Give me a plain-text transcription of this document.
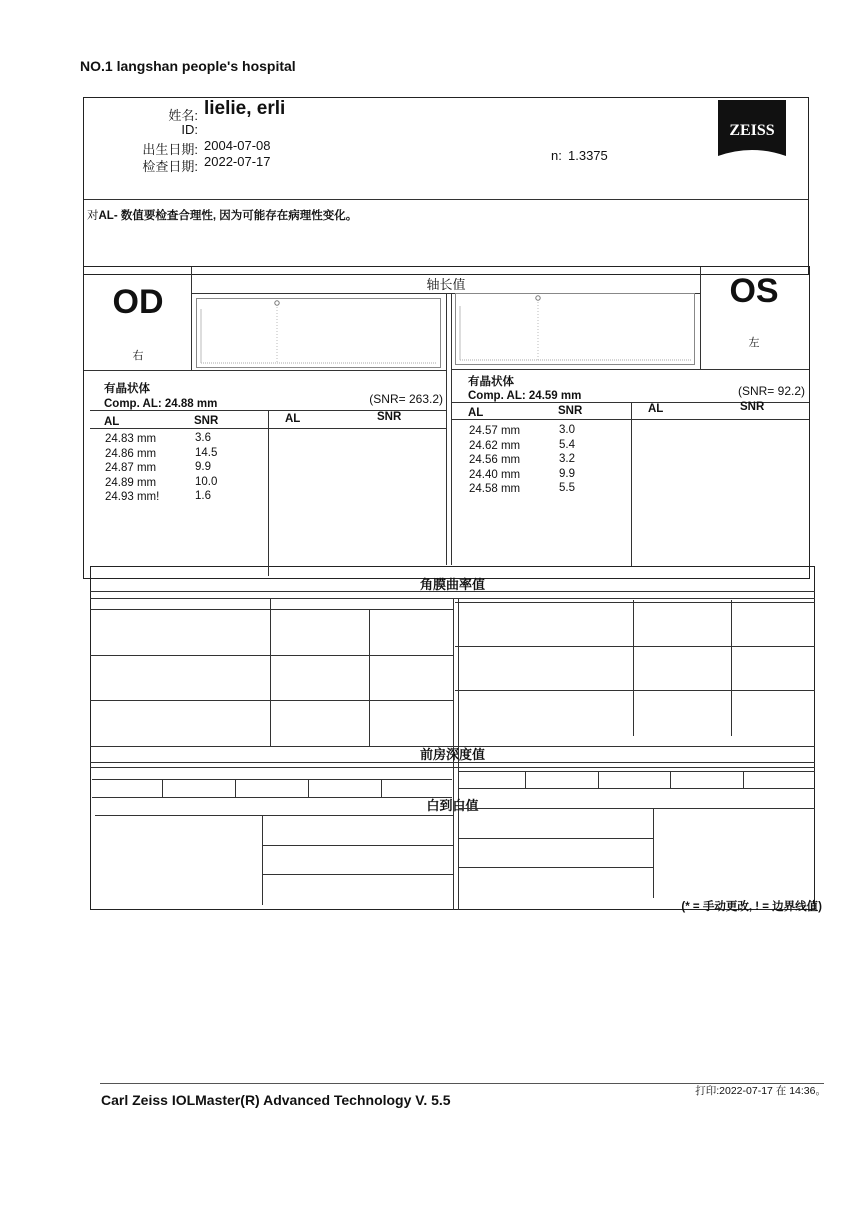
NO.1 langshan people's hospital
姓名: lielie, erli
ID:
出生日期: 2004-07-08
检查日期: 2022-07-17	n: 1.3375
ZEISS
对AL- 数值要检查合理性, 因为可能存在病理性变化。
轴长值
OD
右
OS
左
有晶状体
Comp. AL: 24.88 mm	(SNR= 263.2)
AL	SNR	AL	SNR
24.83 mm	3.6
24.86 mm	14.5
24.87 mm	9.9
24.89 mm	10.0
24.93 mm!	1.6
有晶状体
Comp. AL: 24.59 mm	(SNR= 92.2)
AL	SNR	AL	SNR
24.57 mm	3.0
24.62 mm	5.4
24.56 mm	3.2
24.40 mm	9.9
24.58 mm	5.5
角膜曲率值
前房深度值
白到白值
(* = 手动更改, ! = 边界线值)
Carl Zeiss IOLMaster(R) Advanced Technology V. 5.5
打印:2022-07-17 在 14:36。
